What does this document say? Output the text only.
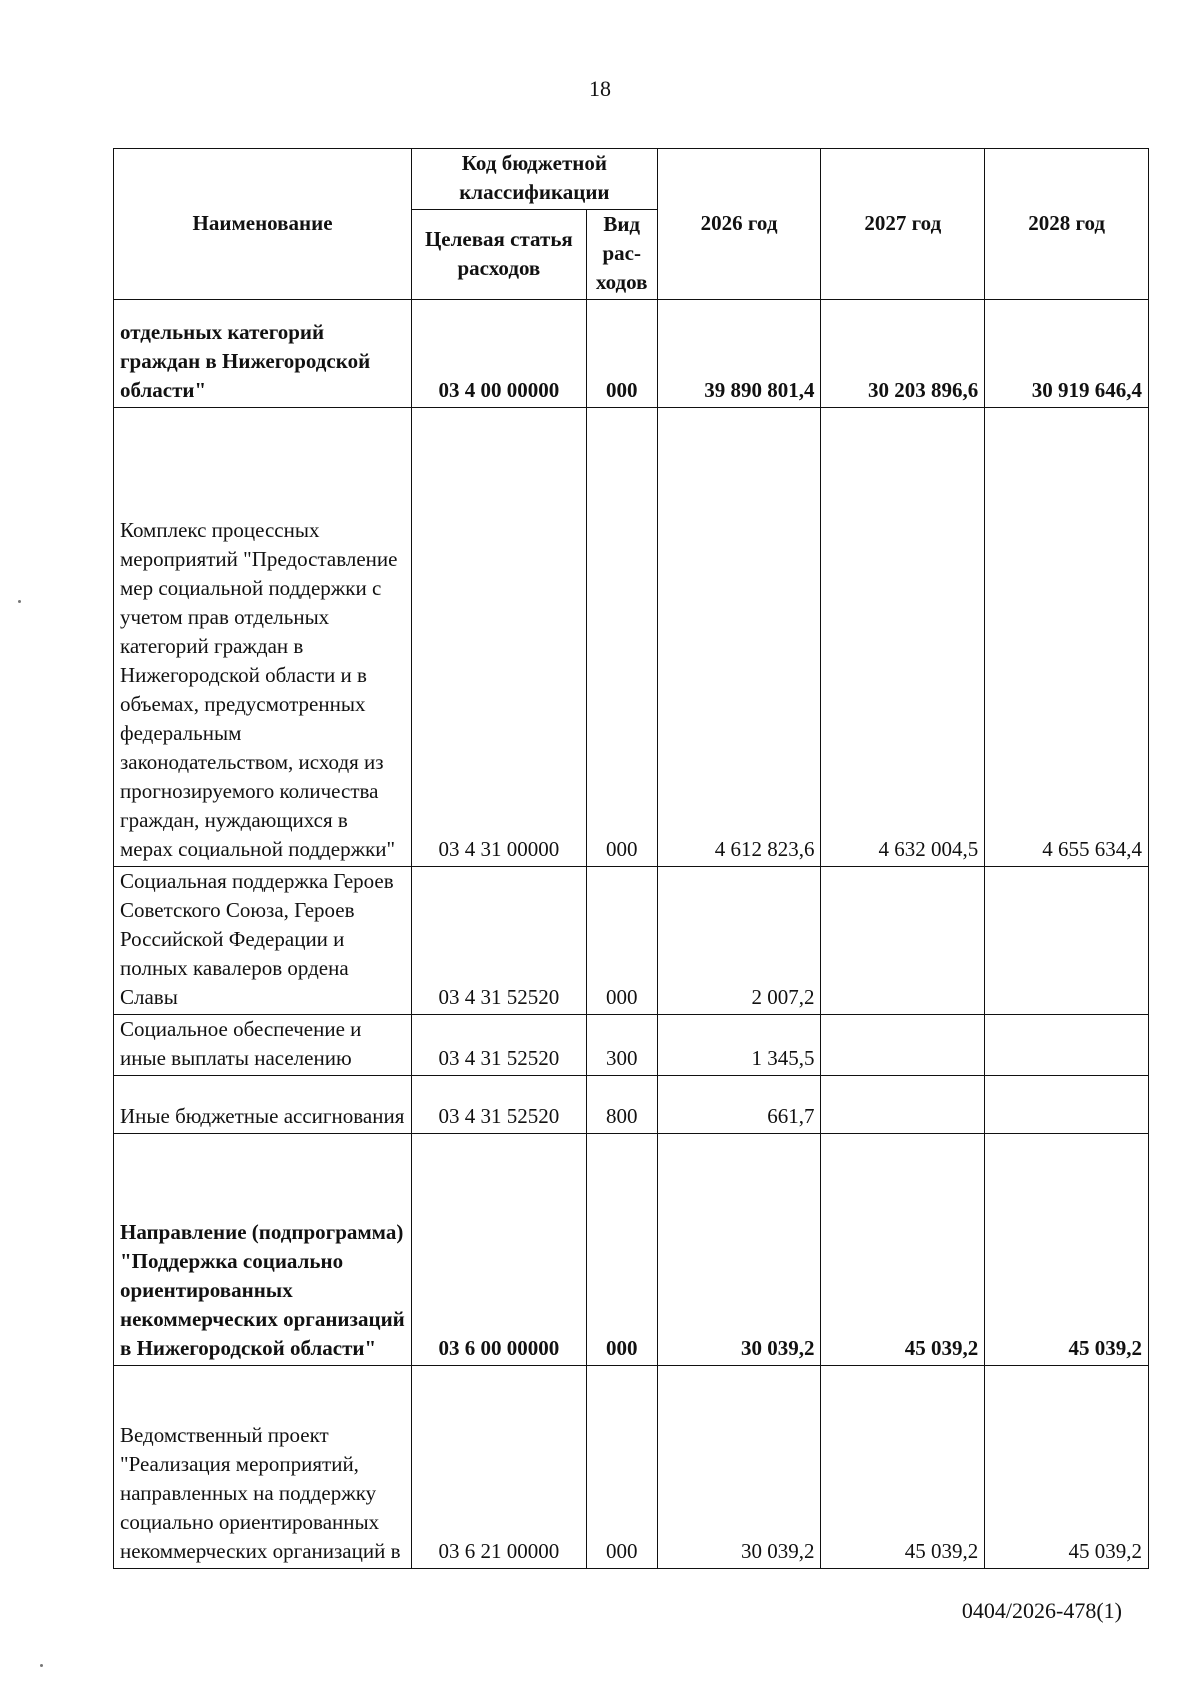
18
Наименование	Код бюджетной классификации		2026 год	2027 год	2028 год
	Целевая статья расходов	Вид рас-ходов			
отдельных категорий граждан в Нижегородской области"	03 4 00 00000	000	39 890 801,4	30 203 896,6	30 919 646,4
Комплекс процессных мероприятий "Предоставление мер социальной поддержки с учетом прав отдельных категорий граждан в Нижегородской области и в объемах, предусмотренных федеральным законодательством, исходя из прогнозируемого количества граждан, нуждающихся в мерах социальной поддержки"	03 4 31 00000	000	4 612 823,6	4 632 004,5	4 655 634,4
Социальная поддержка Героев Советского Союза, Героев Российской Федерации и полных кавалеров ордена Славы	03 4 31 52520	000	2 007,2		
Социальное обеспечение и иные выплаты населению	03 4 31 52520	300	1 345,5		
Иные бюджетные ассигнования	03 4 31 52520	800	661,7		
Направление (подпрограмма) "Поддержка социально ориентированных некоммерческих организаций в Нижегородской области"	03 6 00 00000	000	30 039,2	45 039,2	45 039,2
Ведомственный проект "Реализация мероприятий, направленных на поддержку социально ориентированных некоммерческих организаций в	03 6 21 00000	000	30 039,2	45 039,2	45 039,2
0404/2026-478(1)
